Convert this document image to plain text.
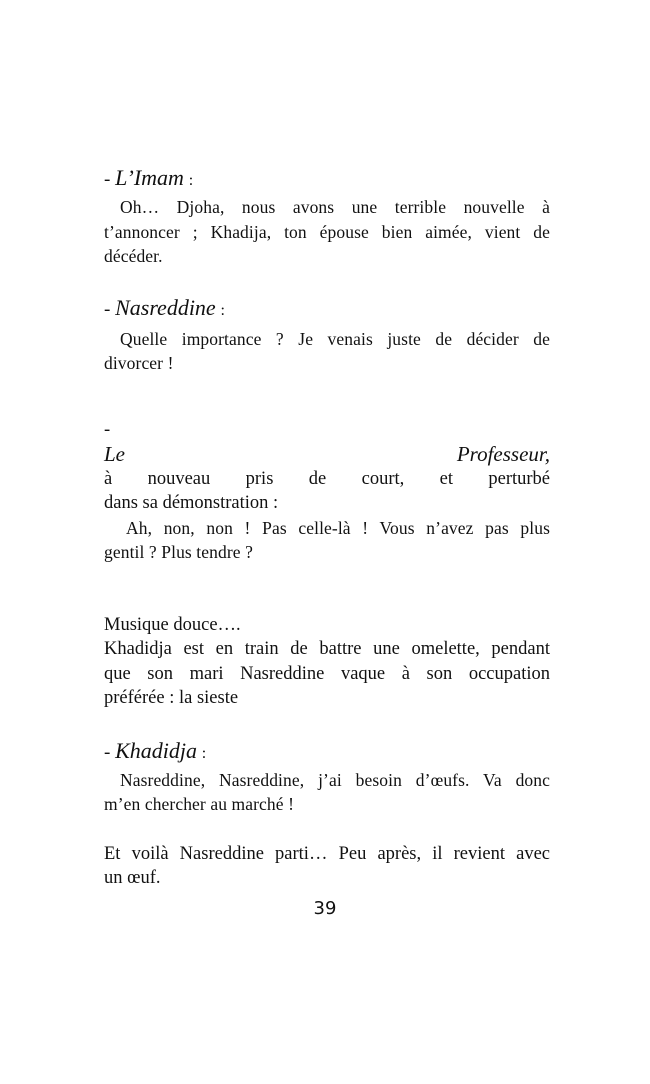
- L’Imam :

Oh… Djoha, nous avons une terrible nouvelle à
t’annoncer ; Khadija, ton épouse bien aimée, vient de
décéder.

- Nasreddine :

Quelle importance ? Je venais juste de décider de
divorcer !
-
Le Professeur,
à nouveau pris de court, et perturbé
dans sa démonstration :
Ah, non, non ! Pas celle-là ! Vous n’avez pas plus
gentil ? Plus tendre ?
Musique douce….
Khadidja est en train de battre une omelette, pendant
que son mari Nasreddine vaque à son occupation
préférée : la sieste

- Khadidja :

Nasreddine, Nasreddine, j’ai besoin d’œufs. Va donc
m’en chercher au marché !
Et voilà Nasreddine parti… Peu après, il revient avec
un œuf.
39
